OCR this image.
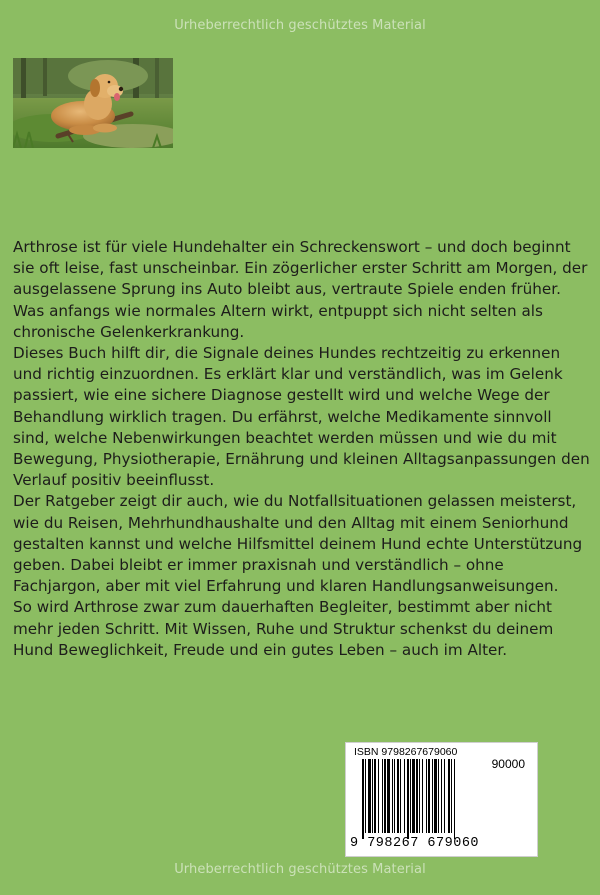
Urheberrechtlich geschütztes Material

Arthrose ist für viele Hundehalter ein Schreckenswort – und doch beginnt sie oft leise, fast unscheinbar. Ein zögerlicher erster Schritt am Morgen, der ausgelassene Sprung ins Auto bleibt aus, vertraute Spiele enden früher. Was anfangs wie normales Altern wirkt, entpuppt sich nicht selten als chronische Gelenkerkrankung.

Dieses Buch hilft dir, die Signale deines Hundes rechtzeitig zu erkennen und richtig einzuordnen. Es erklärt klar und verständlich, was im Gelenk passiert, wie eine sichere Diagnose gestellt wird und welche Wege der Behandlung wirklich tragen. Du erfährst, welche Medikamente sinnvoll sind, welche Nebenwirkungen beachtet werden müssen und wie du mit Bewegung, Physiotherapie, Ernährung und kleinen Alltagsanpassungen den Verlauf positiv beeinflusst.

Der Ratgeber zeigt dir auch, wie du Notfallsituationen gelassen meisterst, wie du Reisen, Mehrhundhaushalte und den Alltag mit einem Seniorhund gestalten kannst und welche Hilfsmittel deinem Hund echte Unterstützung geben. Dabei bleibt er immer praxisnah und verständlich – ohne Fachjargon, aber mit viel Erfahrung und klaren Handlungsanweisungen.

So wird Arthrose zwar zum dauerhaften Begleiter, bestimmt aber nicht mehr jeden Schritt. Mit Wissen, Ruhe und Struktur schenkst du deinem Hund Beweglichkeit, Freude und ein gutes Leben – auch im Alter.

ISBN 9798267679060
90000
9 798267 679060
Urheberrechtlich geschütztes Material
